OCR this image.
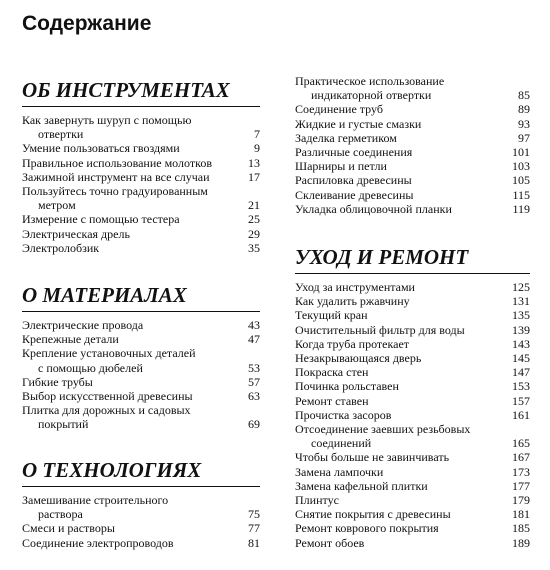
Содержание
ОБ ИНСТРУМЕНТАХ
Как завернуть шуруп с помощью
отвертки	7
Умение пользоваться гвоздями	9
Правильное использование молотков	13
Зажимной инструмент на все случаи	17
Пользуйтесь точно градуированным
метром	21
Измерение с помощью тестера	25
Электрическая дрель	29
Электролобзик	35
О МАТЕРИАЛАХ
Электрические провода	43
Крепежные детали	47
Крепление установочных деталей
с помощью дюбелей	53
Гибкие трубы	57
Выбор искусственной древесины	63
Плитка для дорожных и садовых
покрытий	69
О ТЕХНОЛОГИЯХ
Замешивание строительного
раствора	75
Смеси и растворы	77
Соединение электропроводов	81
Практическое использование
индикаторной отвертки	85
Соединение труб	89
Жидкие и густые смазки	93
Заделка герметиком	97
Различные соединения	101
Шарниры и петли	103
Распиловка древесины	105
Склеивание древесины	115
Укладка облицовочной планки	119
УХОД И РЕМОНТ
Уход за инструментами	125
Как удалить ржавчину	131
Текущий кран	135
Очистительный фильтр для воды	139
Когда труба протекает	143
Незакрывающаяся дверь	145
Покраска стен	147
Починка рольставен	153
Ремонт ставен	157
Прочистка засоров	161
Отсоединение заевших резьбовых
соединений	165
Чтобы больше не завинчивать	167
Замена лампочки	173
Замена кафельной плитки	177
Плинтус	179
Снятие покрытия с древесины	181
Ремонт коврового покрытия	185
Ремонт обоев	189
